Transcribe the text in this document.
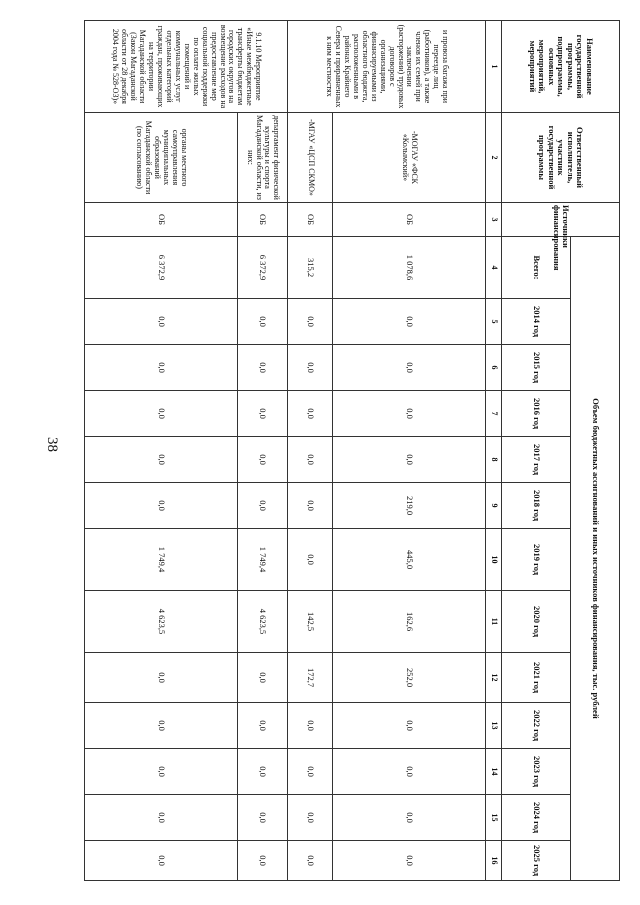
38
Наименование государственной программы, подпрограммы, основных мероприятий, мероприятий	Ответственный исполнитель, участник государственной программы	Источники финансирования	Объем бюджетных ассигнований и иных источников финансирования, тыс. рублей												
			Всего:	2014 год	2015 год	2016 год	2017 год	2018 год	2019 год	2020 год	2021 год	2022 год	2023 год	2024 год	2025 год
1	2	3	4	5	6	7	8	9	10	11	12	13	14	15	16
и провоза багажа при переезде лиц (работников), а также членов их семей при заключении (расторжении) трудовых договоров с организациями, финансируемыми из областного бюджета, расположенными в районах Крайнего Севера и приравненных к ним местностях	-МОГАУ «ФСК «Колымский»	ОБ	1 078,6	0,0	0,0	0,0	0,0	219,0	445,0	162,6	252,0	0,0	0,0	0,0	0,0
	-МГАУ «ЦСП СКМО»	ОБ	315,2	0,0	0,0	0,0	0,0	0,0	0,0	142,5	172,7	0,0	0,0	0,0	0,0
9.1.10 Мероприятие «Иные межбюджетные трансферты бюджетам городских округов на возмещение расходов на предоставление мер социальной поддержки по оплате жилых помещений и коммунальных услуг отдельных категорий граждан, проживающих на территории Магаданской области (Закон Магаданской области от 28 декабря 2004 года № 528-ОЗ)»	департамент физической культуры и спорта Магаданской области, из них:	ОБ	6 372,9	0,0	0,0	0,0	0,0	0,0	1 749,4	4 623,5	0,0	0,0	0,0	0,0	0,0
	органы местного самоуправления муниципальных образований Магаданской области (по согласованию)	ОБ	6 372,9	0,0	0,0	0,0	0,0	0,0	1 749,4	4 623,5	0,0	0,0	0,0	0,0	0,0
